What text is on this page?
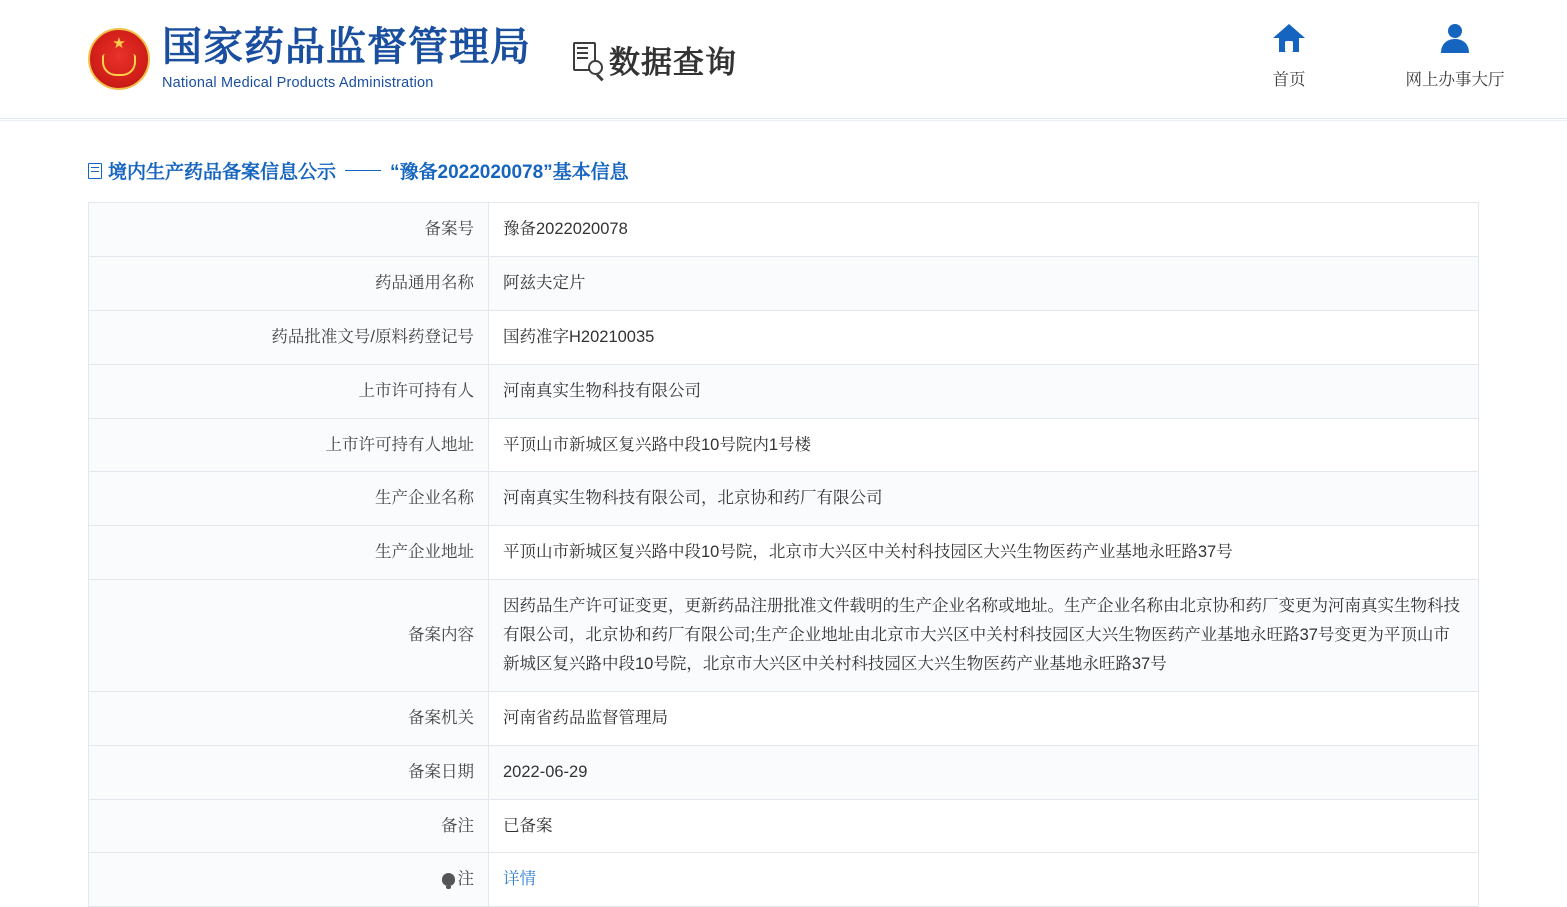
★
国家药品监督管理局
National Medical Products Administration
数据查询
首页	网上办事大厅
境内生产药品备案信息公示	“豫备2022020078”基本信息
备案号	豫备2022020078
药品通用名称	阿兹夫定片
药品批准文号/原料药登记号	国药准字H20210035
上市许可持有人	河南真实生物科技有限公司
上市许可持有人地址	平顶山市新城区复兴路中段10号院内1号楼
生产企业名称	河南真实生物科技有限公司，北京协和药厂有限公司
生产企业地址	平顶山市新城区复兴路中段10号院，北京市大兴区中关村科技园区大兴生物医药产业基地永旺路37号
备案内容	因药品生产许可证变更，更新药品注册批准文件载明的生产企业名称或地址。生产企业名称由北京协和药厂变更为河南真实生物科技有限公司，北京协和药厂有限公司;生产企业地址由北京市大兴区中关村科技园区大兴生物医药产业基地永旺路37号变更为平顶山市新城区复兴路中段10号院，北京市大兴区中关村科技园区大兴生物医药产业基地永旺路37号
备案机关	河南省药品监督管理局
备案日期	2022-06-29
备注	已备案

注	详情
